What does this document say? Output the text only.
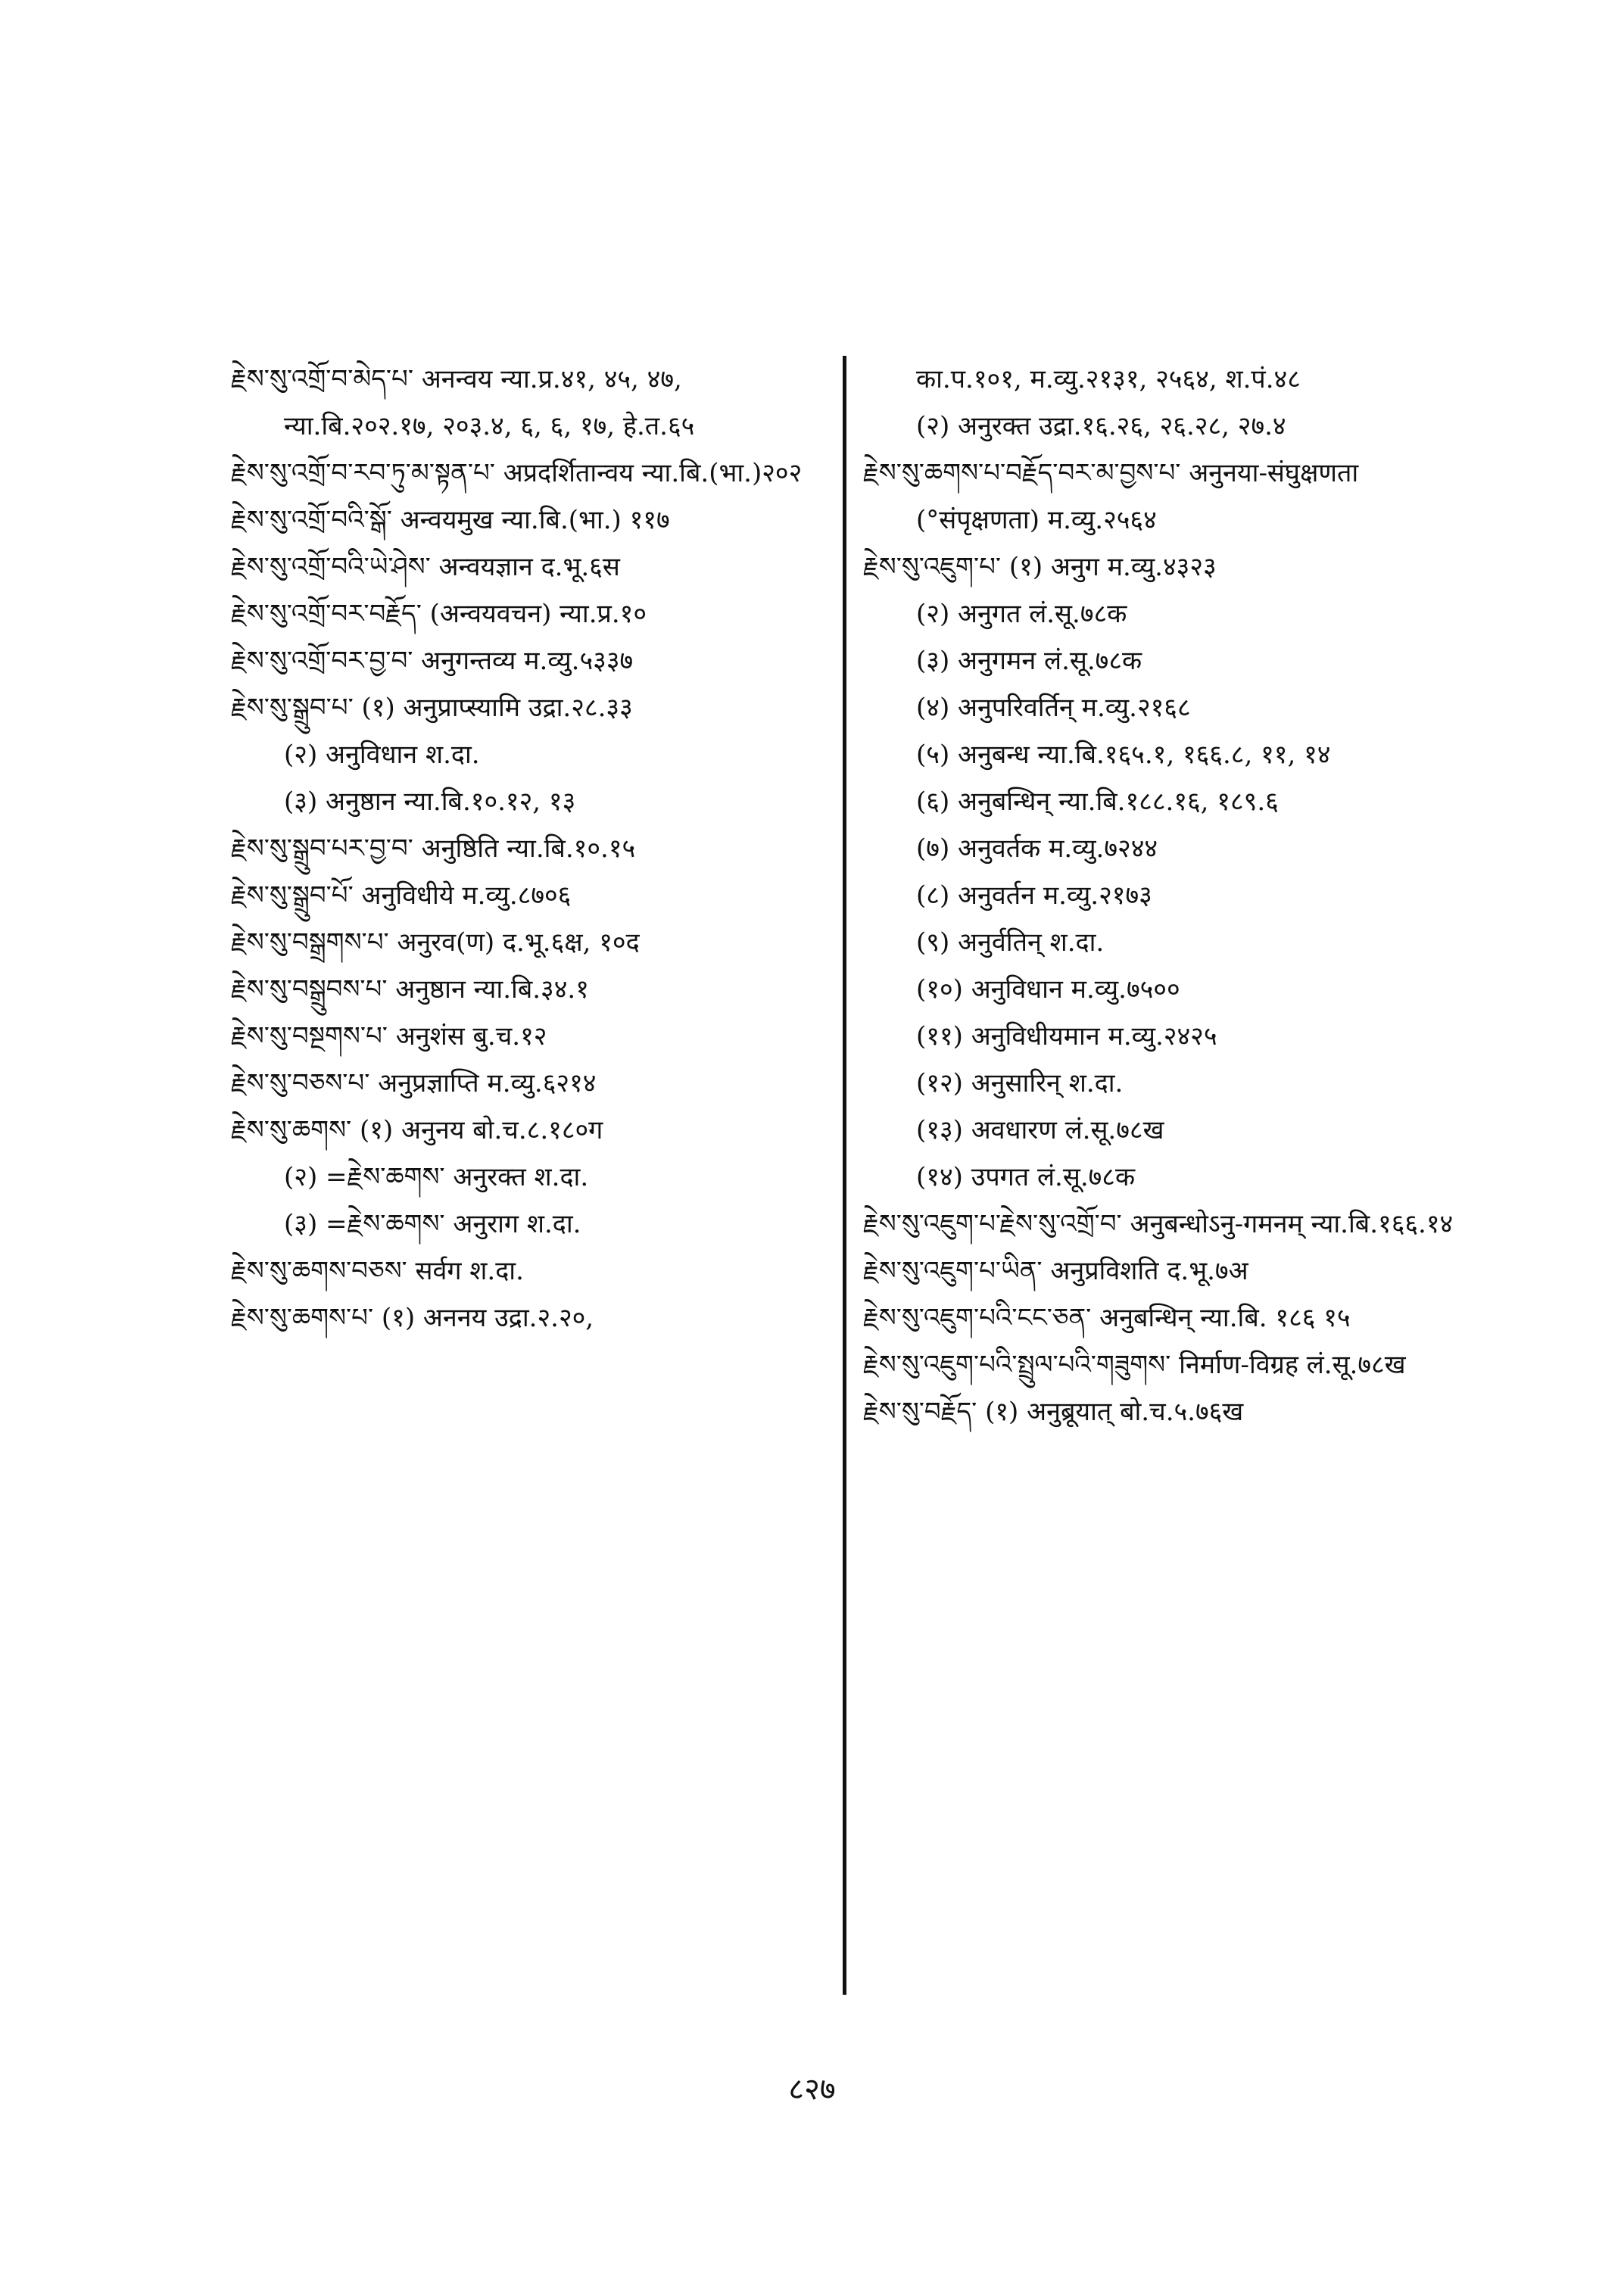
རྗེས་སུ་འགྲོ་བ་མེད་པ་ अनन्वय न्या.प्र.४१, ४५, ४७, न्या.बि.२०२.१७, २०३.४, ६, ६, १७, हे.त.६५
རྗེས་སུ་འགྲོ་བ་རབ་ཏུ་མ་སྟན་པ་ अप्रदर्शितान्वय न्या.बि.(भा.)२०२
རྗེས་སུ་འགྲོ་བའི་སྒོ་ अन्वयमुख न्या.बि.(भा.) ११७
རྗེས་སུ་འགྲོ་བའི་ཡེ་ཤེས་ अन्वयज्ञान द.भू.६स
རྗེས་སུ་འགྲོ་བར་བརྗོད་ (अन्वयवचन) न्या.प्र.१०
རྗེས་སུ་འགྲོ་བར་བྱ་བ་ अनुगन्तव्य म.व्यु.५३३७
རྗེས་སུ་སྒྲུབ་པ་ (१) अनुप्राप्स्यामि उद्रा.२८.३३
(२) अनुविधान श.दा.
(३) अनुष्ठान न्या.बि.१०.१२, १३
རྗེས་སུ་སྒྲུབ་པར་བྱ་བ་ अनुष्ठिति न्या.बि.१०.१५
རྗེས་སུ་སྒྲུབ་པོ་ अनुविधीये म.व्यु.८७०६
རྗེས་སུ་བསྒྲགས་པ་ अनुरव(ण) द.भू.६क्ष, १०द
རྗེས་སུ་བསྒྲུབས་པ་ अनुष्ठान न्या.बि.३४.१
རྗེས་སུ་བསྔགས་པ་ अनुशंस बु.च.१२
རྗེས་སུ་བཅས་པ་ अनुप्रज्ञाप्ति म.व्यु.६२१४
རྗེས་སུ་ཆགས་ (१) अनुनय बो.च.८.१८०ग
(२) =རྗེས་ཆགས་ अनुरक्त श.दा.
(३) =རྗེས་ཆགས་ अनुराग श.दा.
རྗེས་སུ་ཆགས་བཅས་ सर्वग श.दा.
རྗེས་སུ་ཆགས་པ་ (१) अननय उद्रा.२.२०,
का.प.१०१, म.व्यु.२१३१, २५६४, श.पं.४८
(२) अनुरक्त उद्रा.१६.२६, २६.२८, २७.४
རྗེས་སུ་ཆགས་པ་བརྗོད་བར་མ་བྱས་པ་ अनुनया-संघुक्षणता (°संपृक्षणता) म.व्यु.२५६४
རྗེས་སུ་འཇུག་པ་ (१) अनुग म.व्यु.४३२३
(२) अनुगत लं.सू.७८क
(३) अनुगमन लं.सू.७८क
(४) अनुपरिवर्तिन् म.व्यु.२१६८
(५) अनुबन्ध न्या.बि.१६५.१, १६६.८, ११, १४
(६) अनुबन्धिन् न्या.बि.१८८.१६, १८९.६
(७) अनुवर्तक म.व्यु.७२४४
(८) अनुवर्तन म.व्यु.२१७३
(९) अनुर्वतिन् श.दा.
(१०) अनुविधान म.व्यु.७५००
(११) अनुविधीयमान म.व्यु.२४२५
(१२) अनुसारिन् श.दा.
(१३) अवधारण लं.सू.७८ख
(१४) उपगत लं.सू.७८क
རྗེས་སུ་འཇུག་པ་རྗེས་སུ་འགྲོ་བ་ अनुबन्धोऽनु-गमनम् न्या.बि.१६६.१४
རྗེས་སུ་འཇུག་པ་ཡིན་ अनुप्रविशति द.भू.७अ
རྗེས་སུ་འཇུག་པའི་ངང་ཅན་ अनुबन्धिन् न्या.बि. १८६ १५
རྗེས་སུ་འཇུག་པའི་སྤྲུལ་པའི་གཟུགས་ निर्माण-विग्रह लं.सू.७८ख
རྗེས་སུ་བརྗོད་ (१) अनुब्रूयात् बो.च.५.७६ख
८२७
